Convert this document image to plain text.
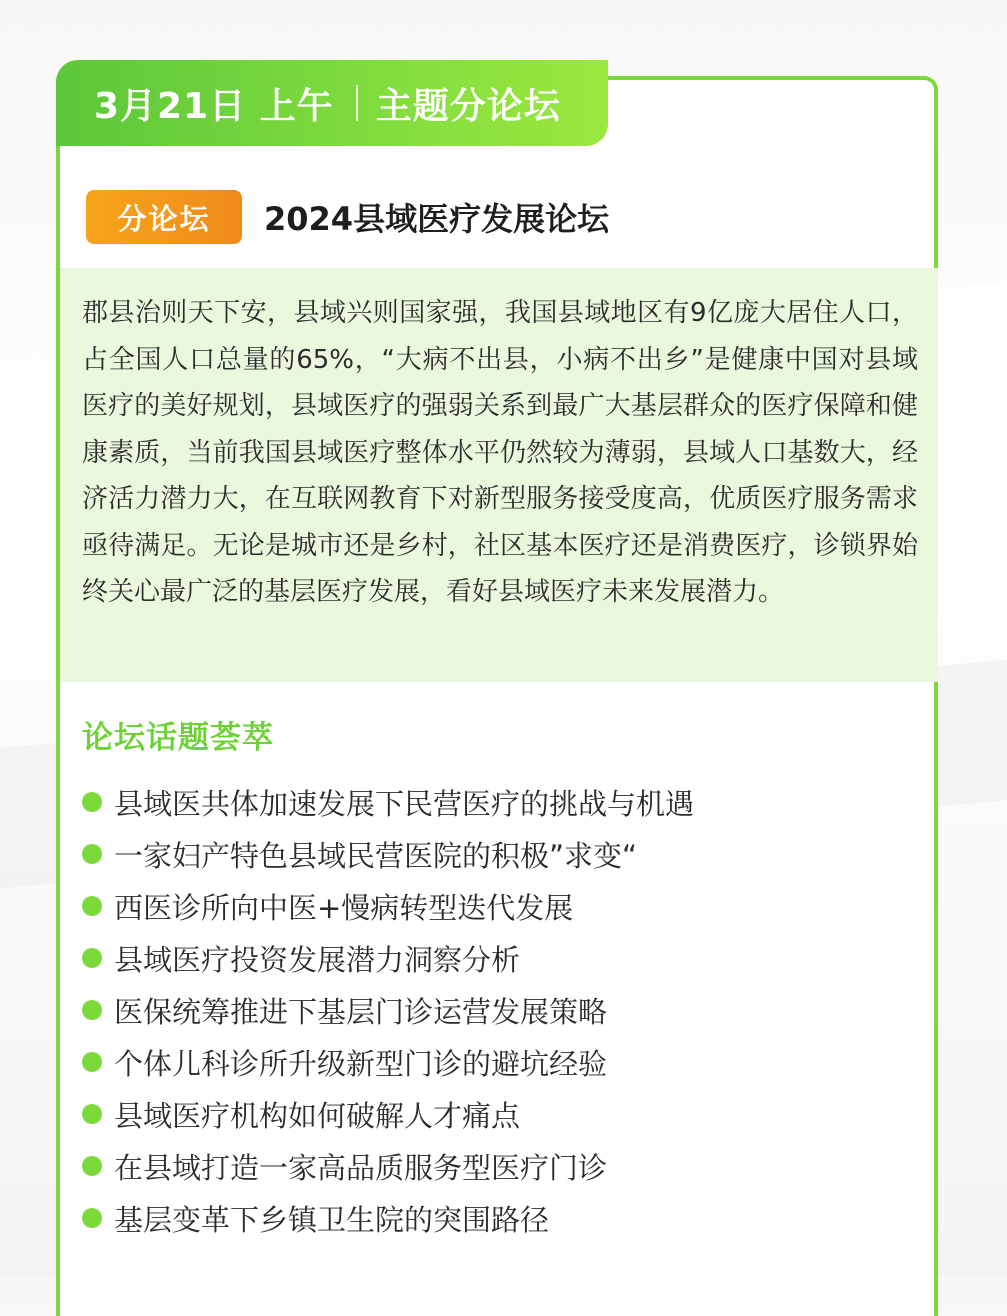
3月21日 上午 主题分论坛
分论坛	2024县域医疗发展论坛

郡县治则天下安，县域兴则国家强，我国县域地区有9亿庞大居住人口，占全国人口总量的65%，“大病不出县，小病不出乡”是健康中国对县域医疗的美好规划，县域医疗的强弱关系到最广大基层群众的医疗保障和健康素质，当前我国县域医疗整体水平仍然较为薄弱，县域人口基数大，经济活力潜力大，在互联网教育下对新型服务接受度高，优质医疗服务需求亟待满足。无论是城市还是乡村，社区基本医疗还是消费医疗，诊锁界始终关心最广泛的基层医疗发展，看好县域医疗未来发展潜力。

论坛话题荟萃
县域医共体加速发展下民营医疗的挑战与机遇
一家妇产特色县域民营医院的积极”求变“
西医诊所向中医+慢病转型迭代发展
县域医疗投资发展潜力洞察分析
医保统筹推进下基层门诊运营发展策略
个体儿科诊所升级新型门诊的避坑经验
县域医疗机构如何破解人才痛点
在县域打造一家高品质服务型医疗门诊
基层变革下乡镇卫生院的突围路径
